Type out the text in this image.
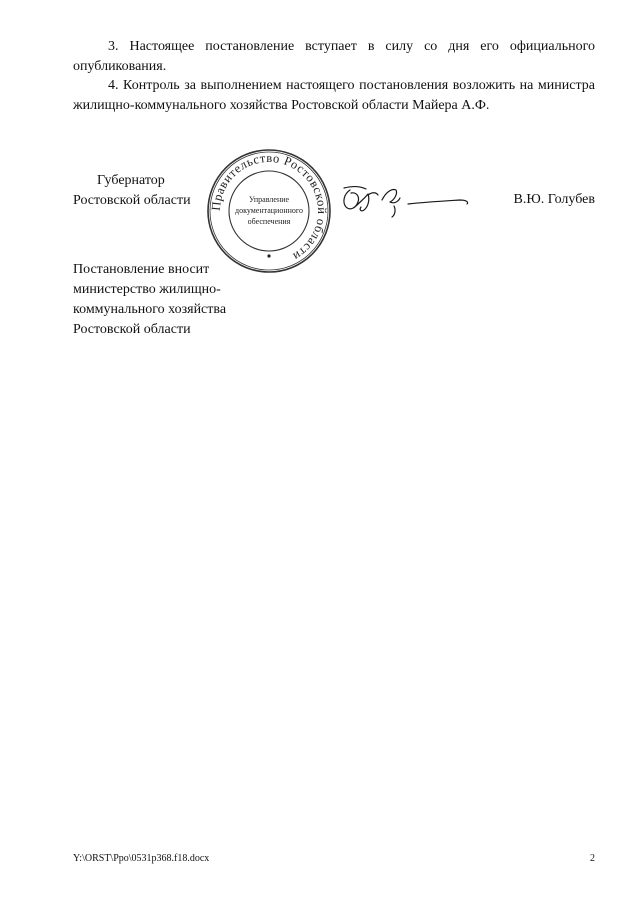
3. Настоящее постановление вступает в силу со дня его официального опубликования.
4. Контроль за выполнением настоящего постановления возложить на министра жилищно-коммунального хозяйства Ростовской области Майера А.Ф.
Губернатор
Ростовской области	Правительство Ростовской области
Управление
документационного
обеспечения
В.Ю. Голубев
Постановление вносит
министерство жилищно-
коммунального хозяйства
Ростовской области
Y:\ORST\Ppo\0531p368.f18.docx	2
